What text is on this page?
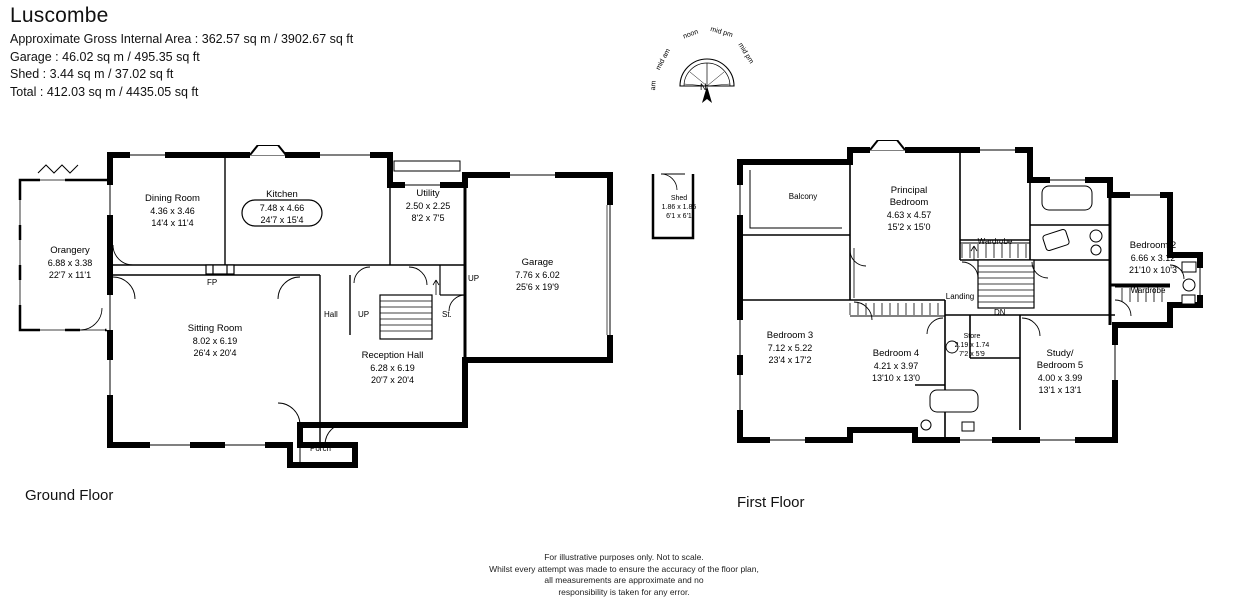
Luscombe
Approximate Gross Internal Area : 362.57 sq m / 3902.67 sq ft
Garage : 46.02 sq m / 495.35 sq ft
Shed : 3.44 sq m / 37.02 sq ft
Total : 412.03 sq m / 4435.05 sq ft	N
mid am
noon mid pm
mid pm
am
Orangery
6.88 x 3.38
22'7 x 11'1
Dining Room
4.36 x 3.46
14'4 x 11'4
Kitchen
7.48 x 4.66
24'7 x 15'4
Utility
2.50 x 2.25
8'2 x 7'5
Garage
7.76 x 6.02
25'6 x 19'9
Sitting Room
8.02 x 6.19
26'4 x 20'4	Reception Hall
6.28 x 6.19
20'7 x 20'4
Hall
Porch
FP
St.
UP
UP
Shed
1.86 x 1.85
6'1 x 6'1
Balcony
Principal
Bedroom
4.63 x 4.57
15'2 x 15'0
Wardrobe	Bedroom 2
6.66 x 3.12
21'10 x 10'3
Wardrobe
Bedroom 3
7.12 x 5.22
23'4 x 17'2
Bedroom 4
4.21 x 3.97
13'10 x 13'0
Store
2.19 x 1.74
7'2 x 5'9	Study/
Bedroom 5
4.00 x 3.99
13'1 x 13'1
Landing
DN
Ground Floor	First Floor
For illustrative purposes only. Not to scale.
Whilst every attempt was made to ensure the accuracy of the floor plan,
all measurements are approximate and no
responsibility is taken for any error.
